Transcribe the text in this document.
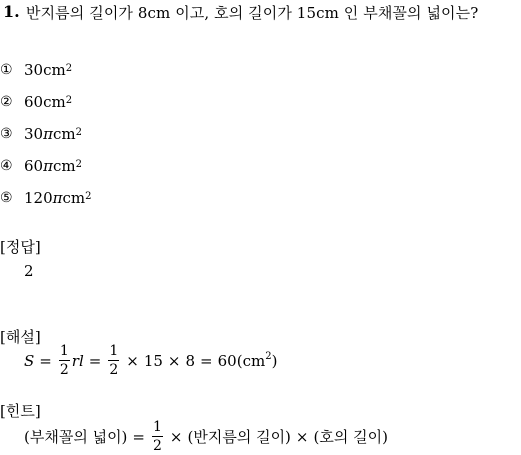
1. 반지름의 길이가 8cm 이고, 호의 길이가 15cm 인 부채꼴의 넓이는?
① $30cm^2$
② $60cm^2$
③ 30 π $cm^2$
④ 60 π $cm^2$
⑤ 120 π $cm^2$
[정답]
2
[해설]
$S = \frac{1}{2}$ rl = $\frac{1}{2} \times 15 \times 8 = 60(cm^2$ )
[힌트]
(부채꼴의 넓이) = $\frac{1}{2}$ × (반지름의 길이) × (호의 길이)
